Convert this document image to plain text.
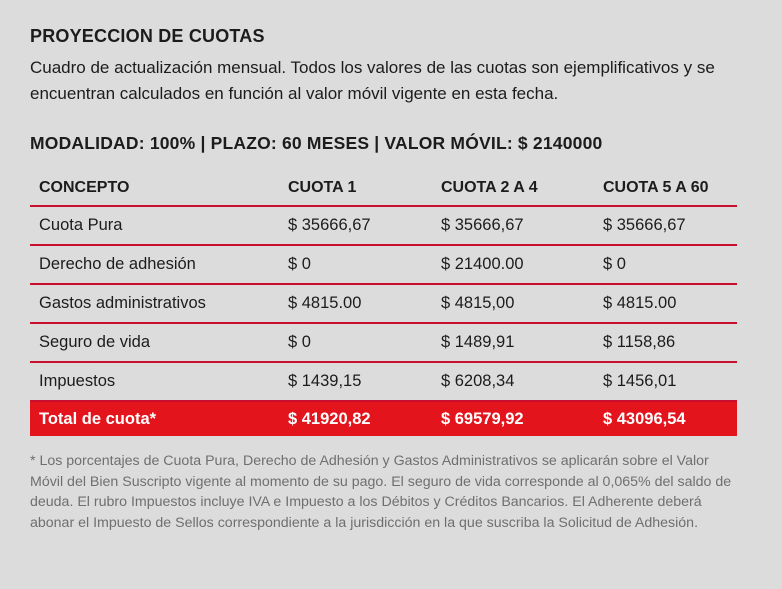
PROYECCION DE CUOTAS

Cuadro de actualización mensual. Todos los valores de las cuotas son ejemplificativos y se encuentran calculados en función al valor móvil vigente en esta fecha.

MODALIDAD: 100% | PLAZO: 60 MESES | VALOR MÓVIL: $ 2140000

CONCEPTO	CUOTA 1	CUOTA 2 A 4	CUOTA 5 A 60
Cuota Pura	$ 35666,67	$ 35666,67	$ 35666,67
Derecho de adhesión	$ 0	$ 21400.00	$ 0
Gastos administrativos	$ 4815.00	$ 4815,00	$ 4815.00
Seguro de vida	$ 0	$ 1489,91	$ 1158,86
Impuestos	$ 1439,15	$ 6208,34	$ 1456,01
Total de cuota*	$ 41920,82	$ 69579,92	$ 43096,54

* Los porcentajes de Cuota Pura, Derecho de Adhesión y Gastos Administrativos se aplicarán sobre el Valor Móvil del Bien Suscripto vigente al momento de su pago. El seguro de vida corresponde al 0,065% del saldo de deuda. El rubro Impuestos incluye IVA e Impuesto a los Débitos y Créditos Bancarios. El Adherente deberá abonar el Impuesto de Sellos correspondiente a la jurisdicción en la que suscriba la Solicitud de Adhesión.
